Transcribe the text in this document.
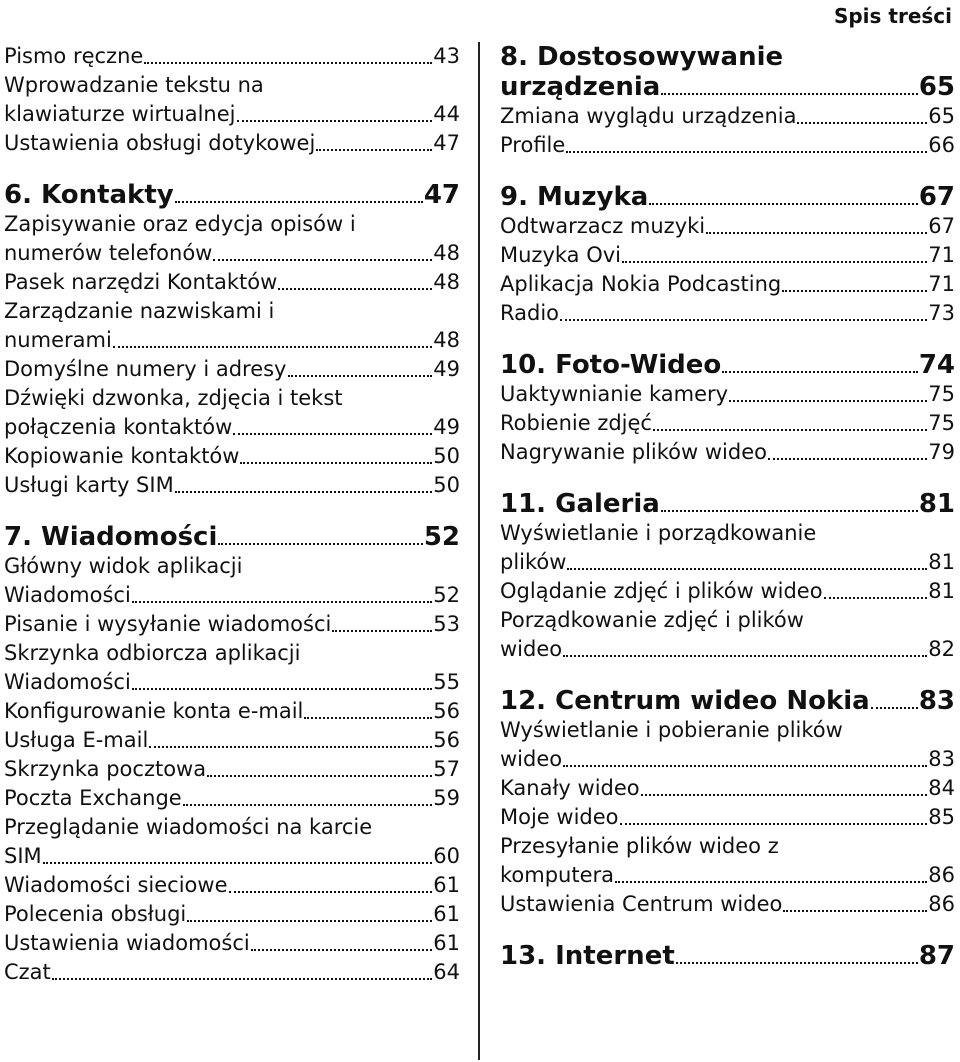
Spis treści
Pismo ręczne	43
Wprowadzanie tekstu na
klawiaturze wirtualnej	44
Ustawienia obsługi dotykowej	47
6. Kontakty	47
Zapisywanie oraz edycja opisów i
numerów telefonów	48
Pasek narzędzi Kontaktów	48
Zarządzanie nazwiskami i
numerami	48
Domyślne numery i adresy	49
Dźwięki dzwonka, zdjęcia i tekst
połączenia kontaktów	49
Kopiowanie kontaktów	50
Usługi karty SIM	50
7. Wiadomości	52
Główny widok aplikacji
Wiadomości	52
Pisanie i wysyłanie wiadomości	53
Skrzynka odbiorcza aplikacji
Wiadomości	55
Konfigurowanie konta e-mail	56
Usługa E-mail	56
Skrzynka pocztowa	57
Poczta Exchange	59
Przeglądanie wiadomości na karcie
SIM	60
Wiadomości sieciowe	61
Polecenia obsługi	61
Ustawienia wiadomości	61
Czat	64
8. Dostosowywanie
urządzenia	65
Zmiana wyglądu urządzenia	65
Profile	66
9. Muzyka	67
Odtwarzacz muzyki	67
Muzyka Ovi	71
Aplikacja Nokia Podcasting	71
Radio	73
10. Foto-Wideo	74
Uaktywnianie kamery	75
Robienie zdjęć	75
Nagrywanie plików wideo	79
11. Galeria	81
Wyświetlanie i porządkowanie
plików	81
Oglądanie zdjęć i plików wideo	81
Porządkowanie zdjęć i plików
wideo	82
12. Centrum wideo Nokia 83
Wyświetlanie i pobieranie plików
wideo	83
Kanały wideo	84
Moje wideo	85
Przesyłanie plików wideo z
komputera	86
Ustawienia Centrum wideo	86
13. Internet	87
